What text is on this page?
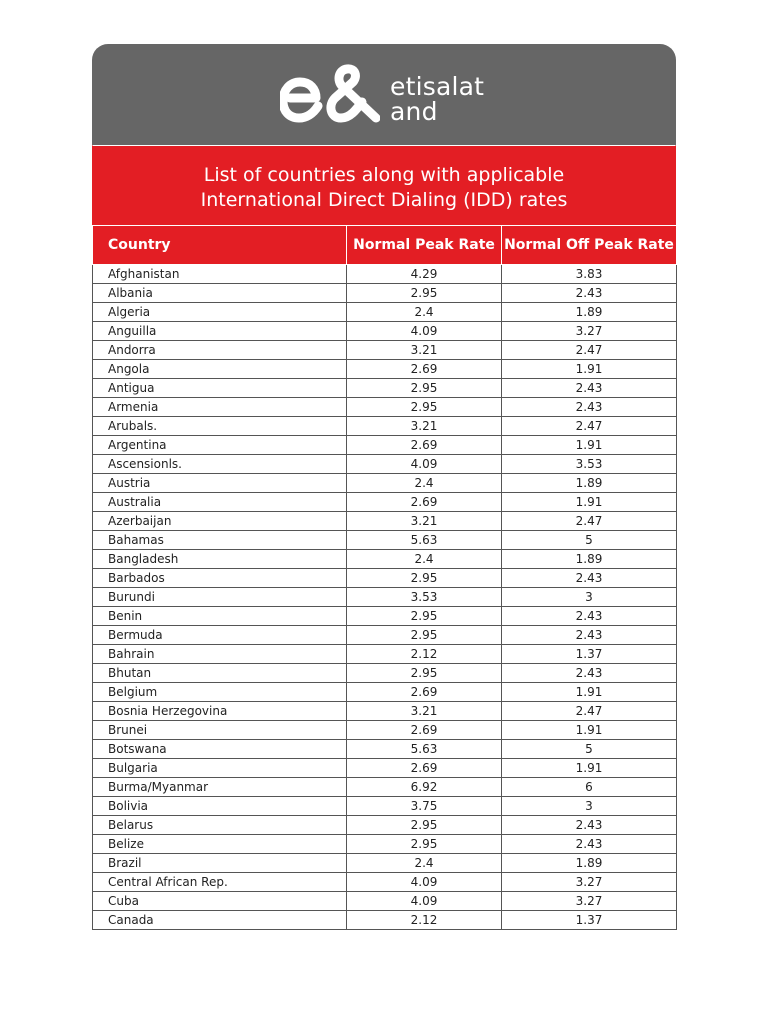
etisalat
and
List of countries along with applicable
International Direct Dialing (IDD) rates
Country	Normal Peak Rate	Normal Off Peak Rate
Afghanistan	4.29	3.83
Albania	2.95	2.43
Algeria	2.4	1.89
Anguilla	4.09	3.27
Andorra	3.21	2.47
Angola	2.69	1.91
Antigua	2.95	2.43
Armenia	2.95	2.43
Arubals.	3.21	2.47
Argentina	2.69	1.91
Ascensionls.	4.09	3.53
Austria	2.4	1.89
Australia	2.69	1.91
Azerbaijan	3.21	2.47
Bahamas	5.63	5
Bangladesh	2.4	1.89
Barbados	2.95	2.43
Burundi	3.53	3
Benin	2.95	2.43
Bermuda	2.95	2.43
Bahrain	2.12	1.37
Bhutan	2.95	2.43
Belgium	2.69	1.91
Bosnia Herzegovina	3.21	2.47
Brunei	2.69	1.91
Botswana	5.63	5
Bulgaria	2.69	1.91
Burma/Myanmar	6.92	6
Bolivia	3.75	3
Belarus	2.95	2.43
Belize	2.95	2.43
Brazil	2.4	1.89
Central African Rep.	4.09	3.27
Cuba	4.09	3.27
Canada	2.12	1.37
